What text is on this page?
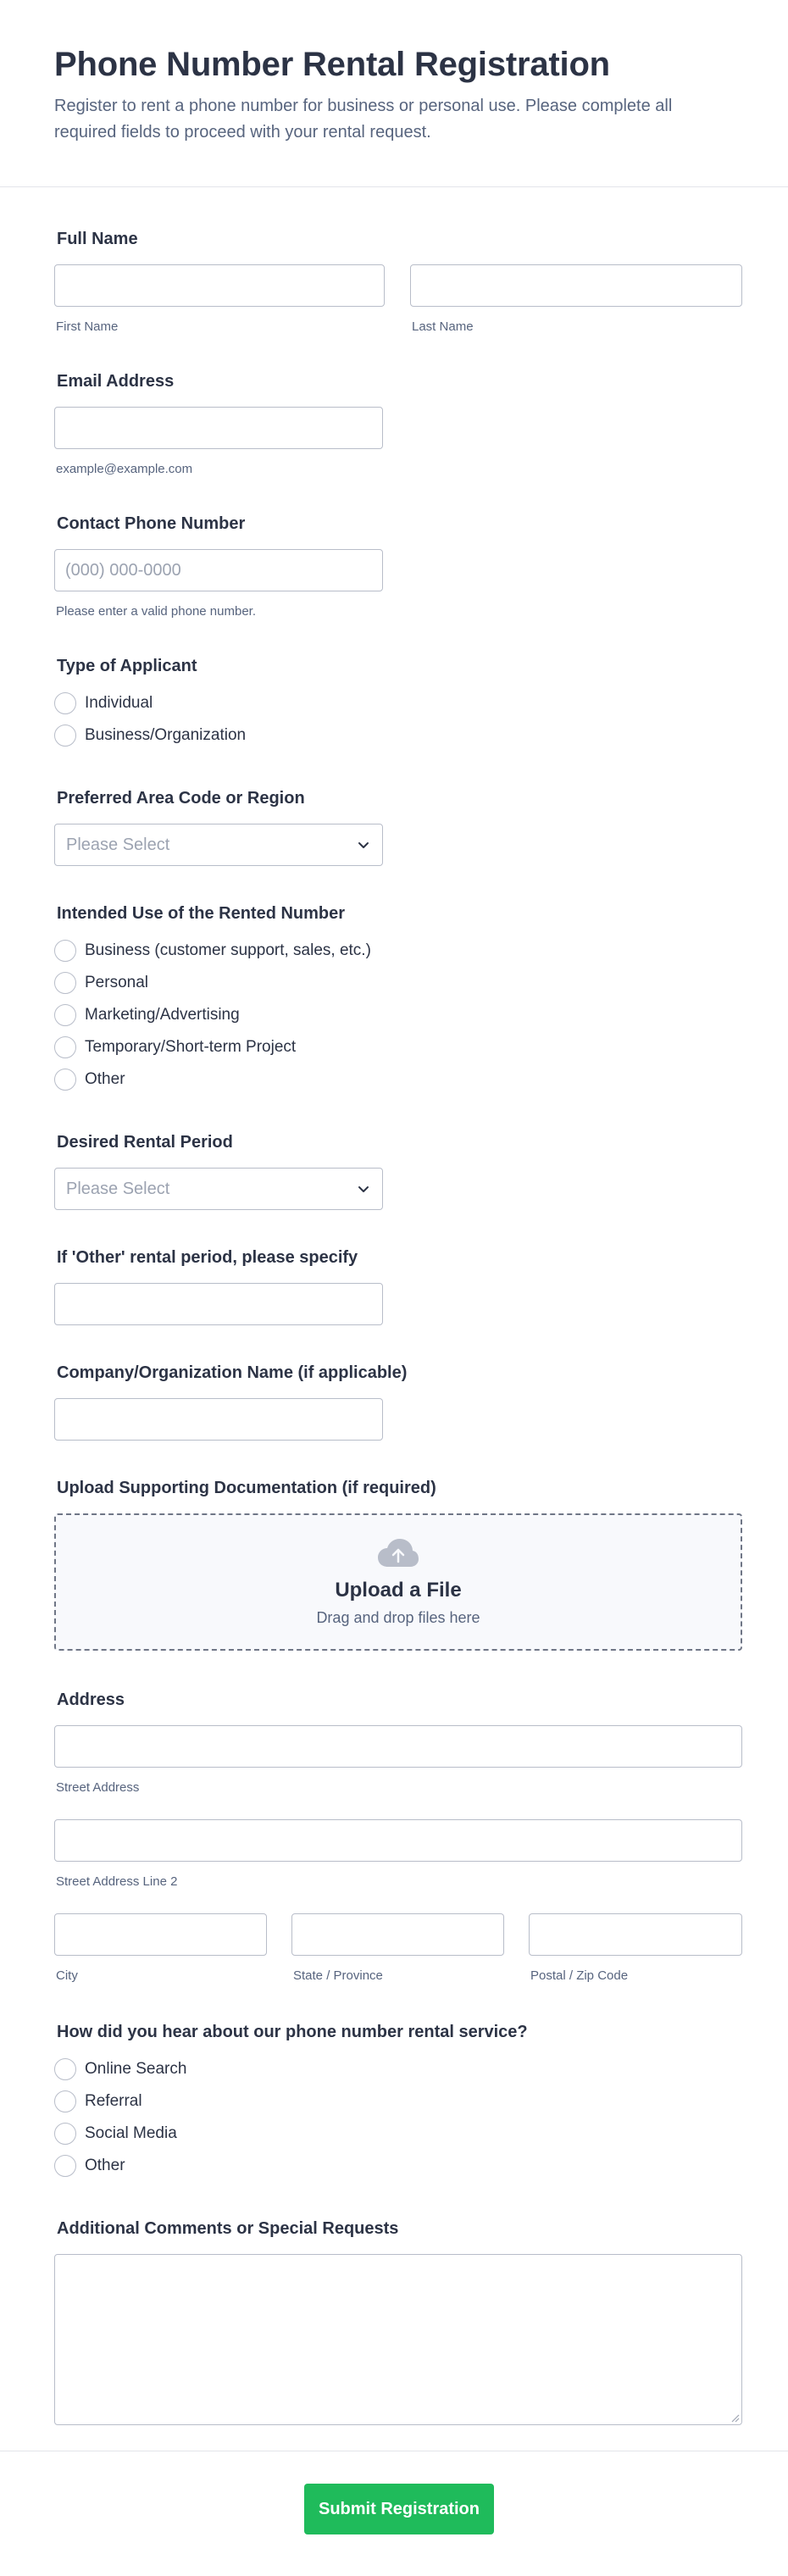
Phone Number Rental Registration

Register to rent a phone number for business or personal use. Please complete all required fields to proceed with your rental request.

Full Name
First Name	Last Name
Email Address
example@example.com
Contact Phone Number
(000) 000-0000
Please enter a valid phone number.
Type of Applicant
Individual
Business/Organization
Preferred Area Code or Region
Please Select
Intended Use of the Rented Number
Business (customer support, sales, etc.)
Personal
Marketing/Advertising
Temporary/Short-term Project
Other
Desired Rental Period
Please Select
If 'Other' rental period, please specify
Company/Organization Name (if applicable)
Upload Supporting Documentation (if required)
Upload a File
Drag and drop files here
Address
Street Address
Street Address Line 2
City	State / Province	Postal / Zip Code
How did you hear about our phone number rental service?
Online Search
Referral
Social Media
Other
Additional Comments or Special Requests
Submit Registration
